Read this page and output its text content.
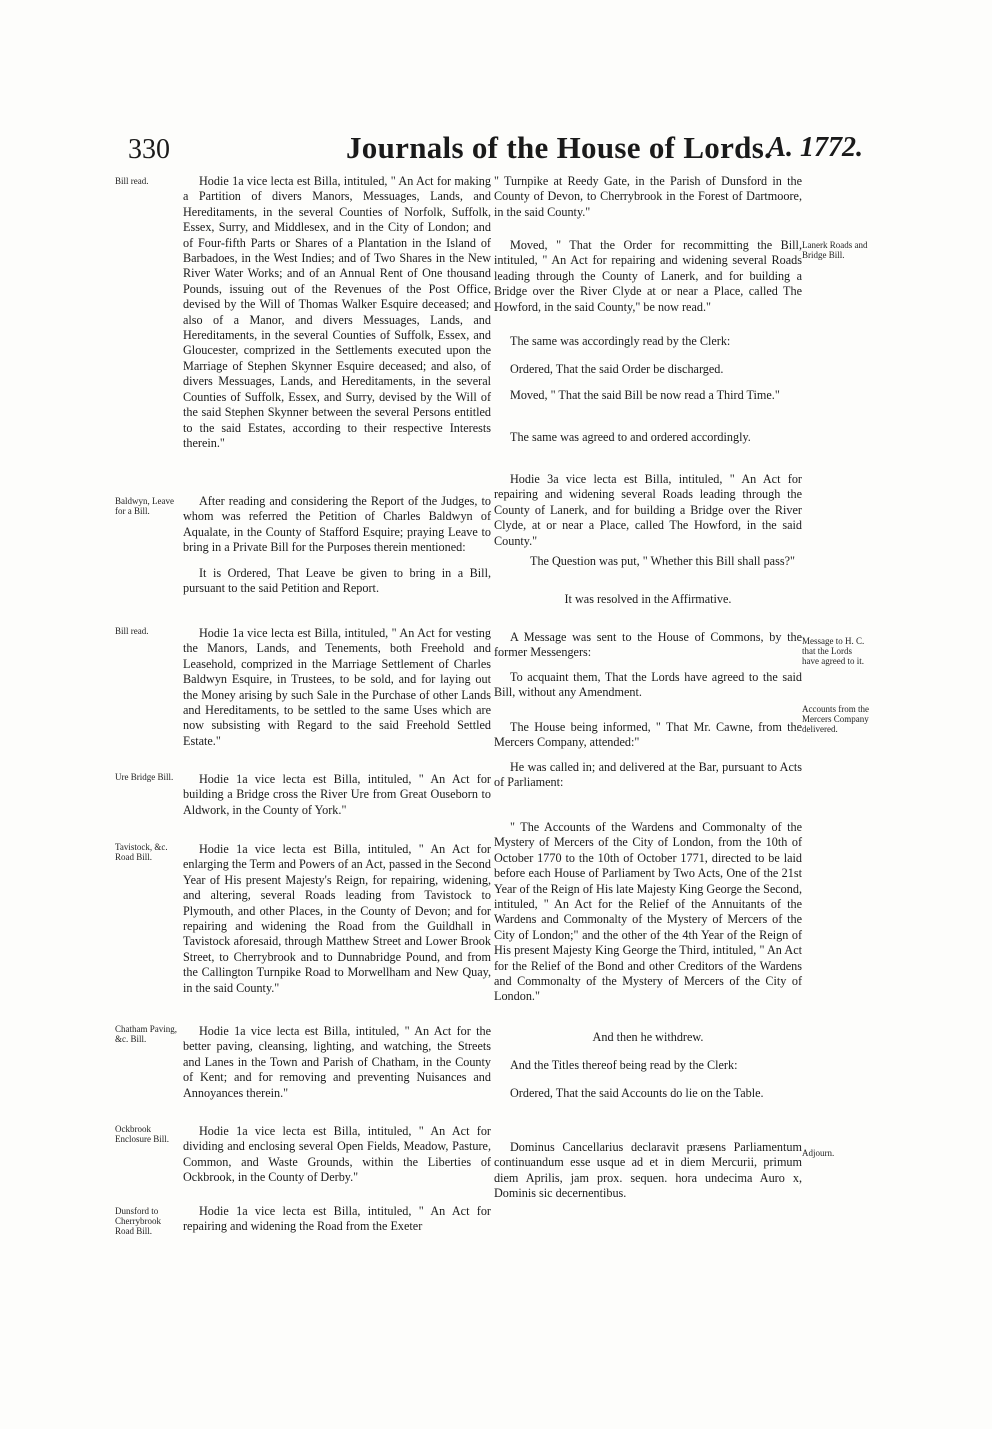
330	Journals of the House of Lords.
A. 1772.
Bill read.
Baldwyn, Leave for a Bill.
Bill read.
Ure Bridge Bill.
Tavistock, &c. Road Bill.
Chatham Paving, &c. Bill.
Ockbrook Enclosure Bill.
Dunsford to Cherrybrook Road Bill.
Lanerk Roads and Bridge Bill.
Message to H. C. that the Lords have agreed to it.
Accounts from the Mercers Company delivered.
Adjourn.

Hodie 1a vice lecta est Billa, intituled, " An Act for making a Partition of divers Manors, Messuages, Lands, and Hereditaments, in the several Counties of Norfolk, Suffolk, Essex, Surry, and Middlesex, and in the City of London; and of Four-fifth Parts or Shares of a Plantation in the Island of Barbadoes, in the West Indies; and of Two Shares in the New River Water Works; and of an Annual Rent of One thousand Pounds, issuing out of the Revenues of the Post Office, devised by the Will of Thomas Walker Esquire deceased; and also of a Manor, and divers Messuages, Lands, and Hereditaments, in the several Counties of Suffolk, Essex, and Gloucester, comprized in the Settlements executed upon the Marriage of Stephen Skynner Esquire deceased; and also, of divers Messuages, Lands, and Hereditaments, in the several Counties of Suffolk, Essex, and Surry, devised by the Will of the said Stephen Skynner between the several Persons entitled to the said Estates, according to their respective Interests therein."

After reading and considering the Report of the Judges, to whom was referred the Petition of Charles Baldwyn of Aqualate, in the County of Stafford Esquire; praying Leave to bring in a Private Bill for the Purposes therein mentioned:

It is Ordered, That Leave be given to bring in a Bill, pursuant to the said Petition and Report.

Hodie 1a vice lecta est Billa, intituled, " An Act for vesting the Manors, Lands, and Tenements, both Freehold and Leasehold, comprized in the Marriage Settlement of Charles Baldwyn Esquire, in Trustees, to be sold, and for laying out the Money arising by such Sale in the Purchase of other Lands and Hereditaments, to be settled to the same Uses which are now subsisting with Regard to the said Freehold Settled Estate."

Hodie 1a vice lecta est Billa, intituled, " An Act for building a Bridge cross the River Ure from Great Ouseborn to Aldwork, in the County of York."

Hodie 1a vice lecta est Billa, intituled, " An Act for enlarging the Term and Powers of an Act, passed in the Second Year of His present Majesty's Reign, for repairing, widening, and altering, several Roads leading from Tavistock to Plymouth, and other Places, in the County of Devon; and for repairing and widening the Road from the Guildhall in Tavistock aforesaid, through Matthew Street and Lower Brook Street, to Cherrybrook and to Dunnabridge Pound, and from the Callington Turnpike Road to Morwellham and New Quay, in the said County."

Hodie 1a vice lecta est Billa, intituled, " An Act for the better paving, cleansing, lighting, and watching, the Streets and Lanes in the Town and Parish of Chatham, in the County of Kent; and for removing and preventing Nuisances and Annoyances therein."

Hodie 1a vice lecta est Billa, intituled, " An Act for dividing and enclosing several Open Fields, Meadow, Pasture, Common, and Waste Grounds, within the Liberties of Ockbrook, in the County of Derby."

Hodie 1a vice lecta est Billa, intituled, " An Act for repairing and widening the Road from the Exeter

" Turnpike at Reedy Gate, in the Parish of Dunsford in the County of Devon, to Cherrybrook in the Forest of Dartmoore, in the said County."

Moved, " That the Order for recommitting the Bill, intituled, " An Act for repairing and widening several Roads leading through the County of Lanerk, and for building a Bridge over the River Clyde at or near a Place, called The Howford, in the said County," be now read."

The same was accordingly read by the Clerk:

Ordered, That the said Order be discharged.

Moved, " That the said Bill be now read a Third Time."

The same was agreed to and ordered accordingly.

Hodie 3a vice lecta est Billa, intituled, " An Act for repairing and widening several Roads leading through the County of Lanerk, and for building a Bridge over the River Clyde, at or near a Place, called The Howford, in the said County."

The Question was put, " Whether this Bill shall pass?"

It was resolved in the Affirmative.

A Message was sent to the House of Commons, by the former Messengers:

To acquaint them, That the Lords have agreed to the said Bill, without any Amendment.

The House being informed, " That Mr. Cawne, from the Mercers Company, attended:"

He was called in; and delivered at the Bar, pursuant to Acts of Parliament:

" The Accounts of the Wardens and Commonalty of the Mystery of Mercers of the City of London, from the 10th of October 1770 to the 10th of October 1771, directed to be laid before each House of Parliament by Two Acts, One of the 21st Year of the Reign of His late Majesty King George the Second, intituled, " An Act for the Relief of the Annuitants of the Wardens and Commonalty of the Mystery of Mercers of the City of London;" and the other of the 4th Year of the Reign of His present Majesty King George the Third, intituled, " An Act for the Relief of the Bond and other Creditors of the Wardens and Commonalty of the Mystery of Mercers of the City of London."

And then he withdrew.

And the Titles thereof being read by the Clerk:

Ordered, That the said Accounts do lie on the Table.

Dominus Cancellarius declaravit præsens Parliamentum continuandum esse usque ad et in diem Mercurii, primum diem Aprilis, jam prox. sequen. hora undecima Auro x, Dominis sic decernentibus.
